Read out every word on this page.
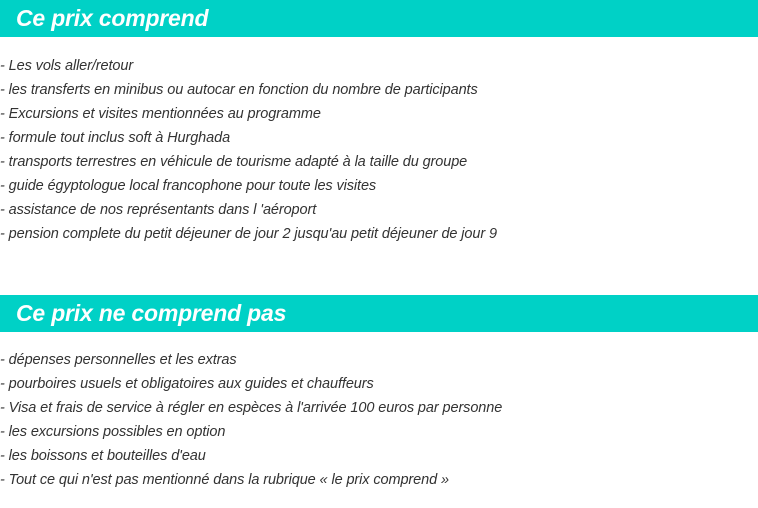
Ce prix comprend
- Les vols aller/retour
- les transferts en minibus ou autocar en fonction du nombre de participants
- Excursions et visites mentionnées au programme
- formule tout inclus soft à Hurghada
- transports terrestres en véhicule de tourisme adapté à la taille du groupe
- guide égyptologue local francophone pour toute les visites
- assistance de nos représentants dans l 'aéroport
- pension complete du petit déjeuner de jour 2 jusqu'au petit déjeuner de jour 9
Ce prix ne comprend pas
- dépenses personnelles et les extras
- pourboires usuels et obligatoires aux guides et chauffeurs
- Visa et frais de service à régler en espèces à l'arrivée 100 euros par personne
- les excursions possibles en option
- les boissons et bouteilles d'eau
- Tout ce qui n'est pas mentionné dans la rubrique « le prix comprend »
